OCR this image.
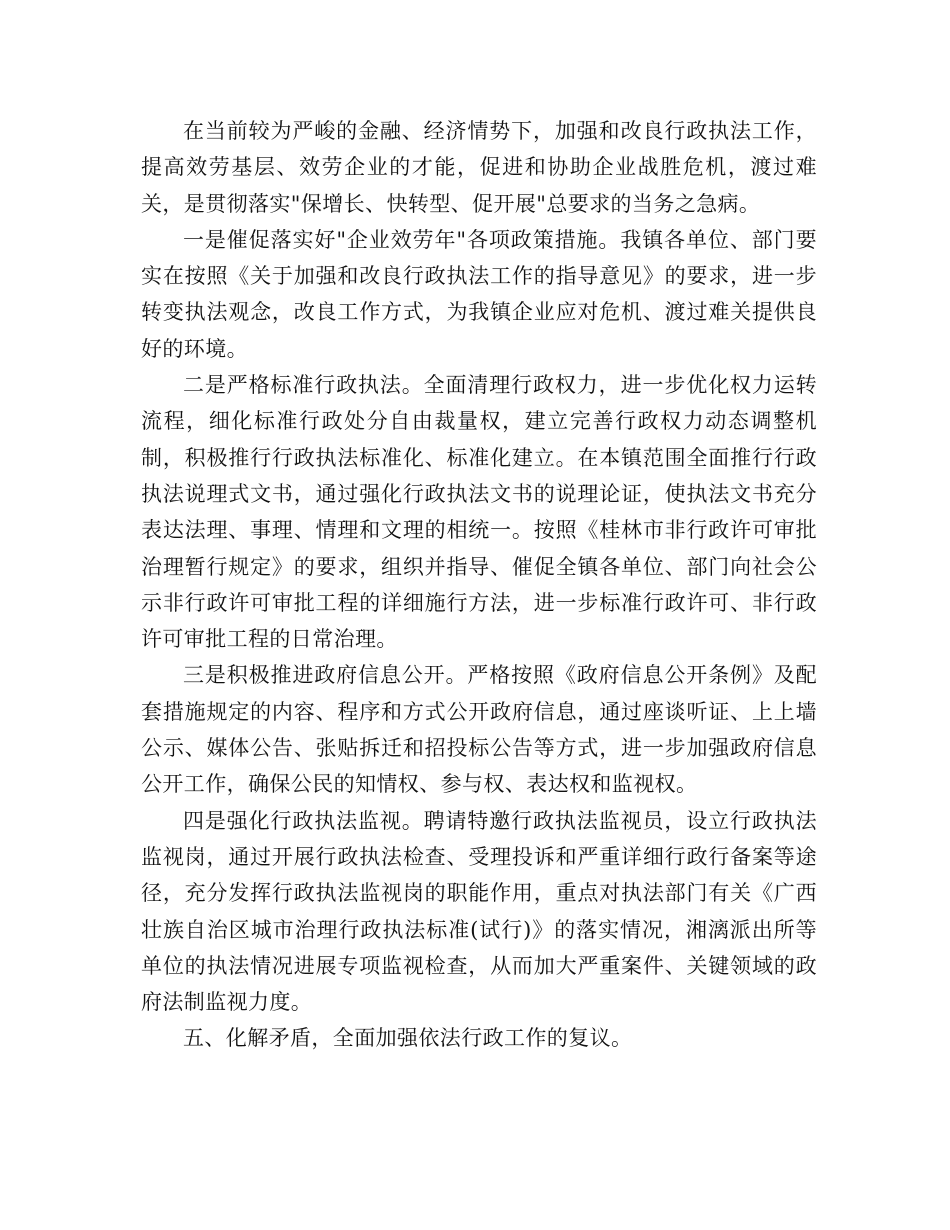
在当前较为严峻的金融、经济情势下，加强和改良行政执法工作，提高效劳基层、效劳企业的才能，促进和协助企业战胜危机，渡过难关，是贯彻落实"保增长、快转型、促开展"总要求的当务之急病。

一是催促落实好"企业效劳年"各项政策措施。我镇各单位、部门要实在按照《关于加强和改良行政执法工作的指导意见》的要求，进一步转变执法观念，改良工作方式，为我镇企业应对危机、渡过难关提供良好的环境。

二是严格标准行政执法。全面清理行政权力，进一步优化权力运转流程，细化标准行政处分自由裁量权，建立完善行政权力动态调整机制，积极推行行政执法标准化、标准化建立。在本镇范围全面推行行政执法说理式文书，通过强化行政执法文书的说理论证，使执法文书充分表达法理、事理、情理和文理的相统一。按照《桂林市非行政许可审批治理暂行规定》的要求，组织并指导、催促全镇各单位、部门向社会公示非行政许可审批工程的详细施行方法，进一步标准行政许可、非行政许可审批工程的日常治理。

三是积极推进政府信息公开。严格按照《政府信息公开条例》及配套措施规定的内容、程序和方式公开政府信息，通过座谈听证、上上墙公示、媒体公告、张贴拆迁和招投标公告等方式，进一步加强政府信息公开工作，确保公民的知情权、参与权、表达权和监视权。

四是强化行政执法监视。聘请特邀行政执法监视员，设立行政执法监视岗，通过开展行政执法检查、受理投诉和严重详细行政行备案等途径，充分发挥行政执法监视岗的职能作用，重点对执法部门有关《广西壮族自治区城市治理行政执法标准(试行)》的落实情况，湘漓派出所等单位的执法情况进展专项监视检查，从而加大严重案件、关键领域的政府法制监视力度。

五、化解矛盾，全面加强依法行政工作的复议。
